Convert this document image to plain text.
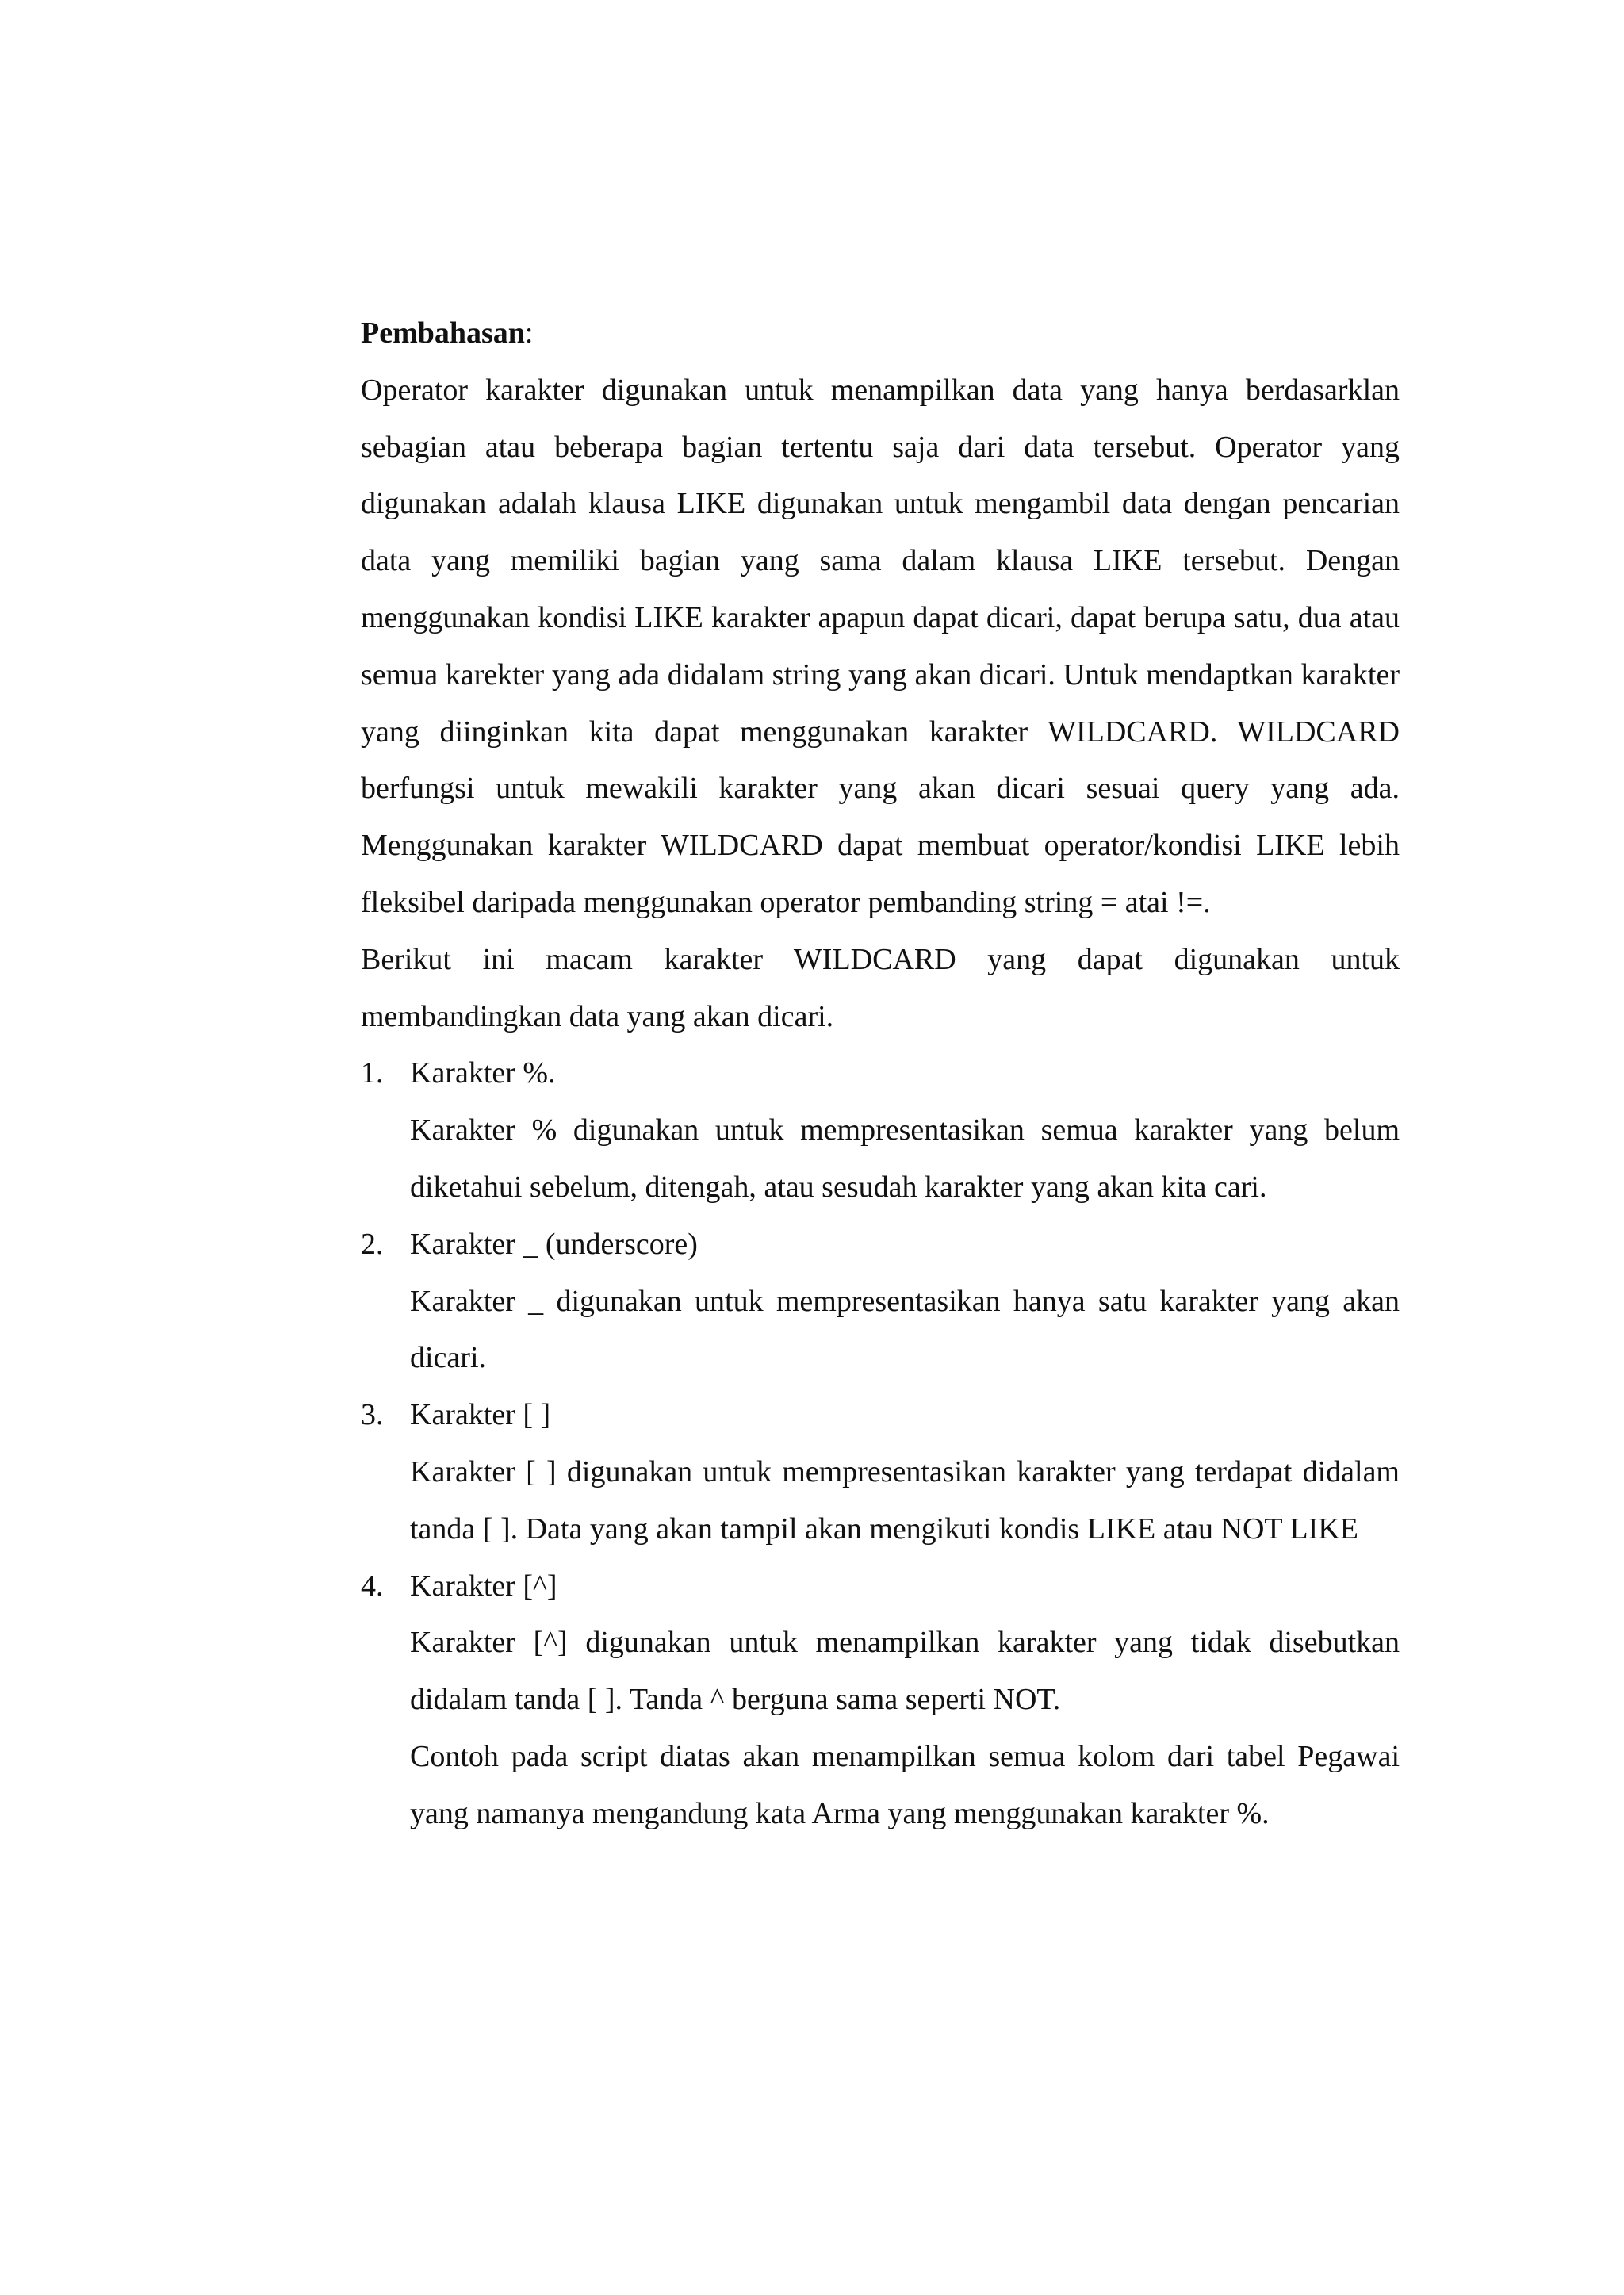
Pembahasan:

Operator karakter digunakan untuk menampilkan data yang hanya berdasarklan sebagian atau beberapa bagian tertentu saja dari data tersebut. Operator yang digunakan adalah klausa LIKE digunakan untuk mengambil data dengan pencarian data yang memiliki bagian yang sama dalam klausa LIKE tersebut. Dengan menggunakan kondisi LIKE karakter apapun dapat dicari, dapat berupa satu, dua atau semua karekter yang ada didalam string yang akan dicari. Untuk mendaptkan karakter yang diinginkan kita dapat menggunakan karakter WILDCARD. WILDCARD berfungsi untuk mewakili karakter yang akan dicari sesuai query yang ada. Menggunakan karakter WILDCARD dapat membuat operator/kondisi LIKE lebih fleksibel daripada menggunakan operator pembanding string = atai !=.

Berikut ini macam karakter WILDCARD yang dapat digunakan untuk membandingkan data yang akan dicari.

1. Karakter %.

Karakter % digunakan untuk mempresentasikan semua karakter yang belum diketahui sebelum, ditengah, atau sesudah karakter yang akan kita cari.

2. Karakter _ (underscore)

Karakter _ digunakan untuk mempresentasikan hanya satu karakter yang akan dicari.

3. Karakter [ ]

Karakter [ ] digunakan untuk mempresentasikan karakter yang terdapat didalam tanda [ ]. Data yang akan tampil akan mengikuti kondis LIKE atau NOT LIKE

4. Karakter [^]

Karakter [^] digunakan untuk menampilkan karakter yang tidak disebutkan didalam tanda [ ]. Tanda ^ berguna sama seperti NOT.

Contoh pada script diatas akan menampilkan semua kolom dari tabel Pegawai yang namanya mengandung kata Arma yang menggunakan karakter %.
